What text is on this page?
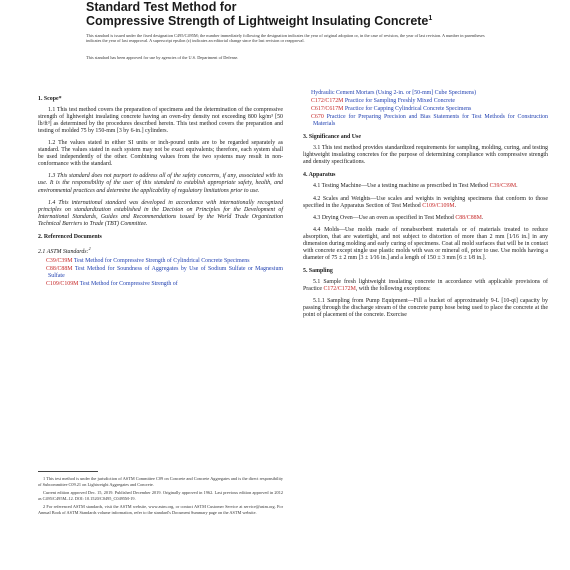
Standard Test Method for
Compressive Strength of Lightweight Insulating Concrete$^1$
This standard is issued under the fixed designation C495/C495M; the number immediately following the designation indicates the year of original adoption or, in the case of revision, the year of last revision. A number in parentheses indicates the year of last reapproval. A superscript epsilon (ε) indicates an editorial change since the last revision or reapproval.
This standard has been approved for use by agencies of the U.S. Department of Defense.
1. Scope*
1.1 This test method covers the preparation of specimens and the determination of the compressive strength of lightweight insulating concrete having an oven-dry density not exceeding 800 kg/m³ [50 lb/ft³] as determined by the procedures described herein. This test method covers the preparation and testing of molded 75 by 150-mm [3 by 6-in.] cylinders.
1.2 The values stated in either SI units or inch-pound units are to be regarded separately as standard. The values stated in each system may not be exact equivalents; therefore, each system shall be used independently of the other. Combining values from the two systems may result in non-conformance with the standard.
1.3 This standard does not purport to address all of the safety concerns, if any, associated with its use. It is the responsibility of the user of this standard to establish appropriate safety, health, and environmental practices and determine the applicability of regulatory limitations prior to use.
1.4 This international standard was developed in accordance with internationally recognized principles on standardization established in the Decision on Principles for the Development of International Standards, Guides and Recommendations issued by the World Trade Organization Technical Barriers to Trade (TBT) Committee.
2. Referenced Documents
2.1 ASTM Standards:$^2$
C39/C39M Test Method for Compressive Strength of Cylindrical Concrete Specimens
C88/C88M Test Method for Soundness of Aggregates by Use of Sodium Sulfate or Magnesium Sulfate
C109/C109M Test Method for Compressive Strength of

1 This test method is under the jurisdiction of ASTM Committee C09 on Concrete and Concrete Aggregates and is the direct responsibility of Subcommittee C09.21 on Lightweight Aggregates and Concrete.

Current edition approved Dec. 15, 2019. Published December 2019. Originally approved in 1962. Last previous edition approved in 2012 as C495/C495M–12. DOI: 10.1520/C0495_C0495M-19.

2 For referenced ASTM standards, visit the ASTM website, www.astm.org, or contact ASTM Customer Service at service@astm.org. For Annual Book of ASTM Standards volume information, refer to the standard's Document Summary page on the ASTM website.

Hydraulic Cement Mortars (Using 2-in. or [50-mm] Cube Specimens)
C172/C172M Practice for Sampling Freshly Mixed Concrete
C617/C617M Practice for Capping Cylindrical Concrete Specimens
C670 Practice for Preparing Precision and Bias Statements for Test Methods for Construction Materials
3. Significance and Use
3.1 This test method provides standardized requirements for sampling, molding, curing, and testing lightweight insulating concretes for the purpose of determining compliance with compressive strength and density specifications.
4. Apparatus
4.1 Testing Machine—Use a testing machine as prescribed in Test Method C39/C39M.
4.2 Scales and Weights—Use scales and weights in weighing specimens that conform to those specified in the Apparatus Section of Test Method C109/C109M.
4.3 Drying Oven—Use an oven as specified in Test Method C88/C88M.
4.4 Molds—Use molds made of nonabsorbent materials or of materials treated to reduce absorption, that are watertight, and not subject to distortion of more than 2 mm [1⁄16 in.] in any dimension during molding and early curing of specimens. Coat all mold surfaces that will be in contact with concrete except single use plastic molds with wax or mineral oil, prior to use. Use molds having a diameter of 75 ± 2 mm [3 ± 1⁄16 in.] and a length of 150 ± 3 mm [6 ± 1⁄8 in.].
5. Sampling
5.1 Sample fresh lightweight insulating concrete in accordance with applicable provisions of Practice C172/C172M, with the following exceptions:
5.1.1 Sampling from Pump Equipment—Fill a bucket of approximately 9-L [10-qt] capacity by passing through the discharge stream of the concrete pump hose being used to place the concrete at the point of placement of the concrete. Exercise
